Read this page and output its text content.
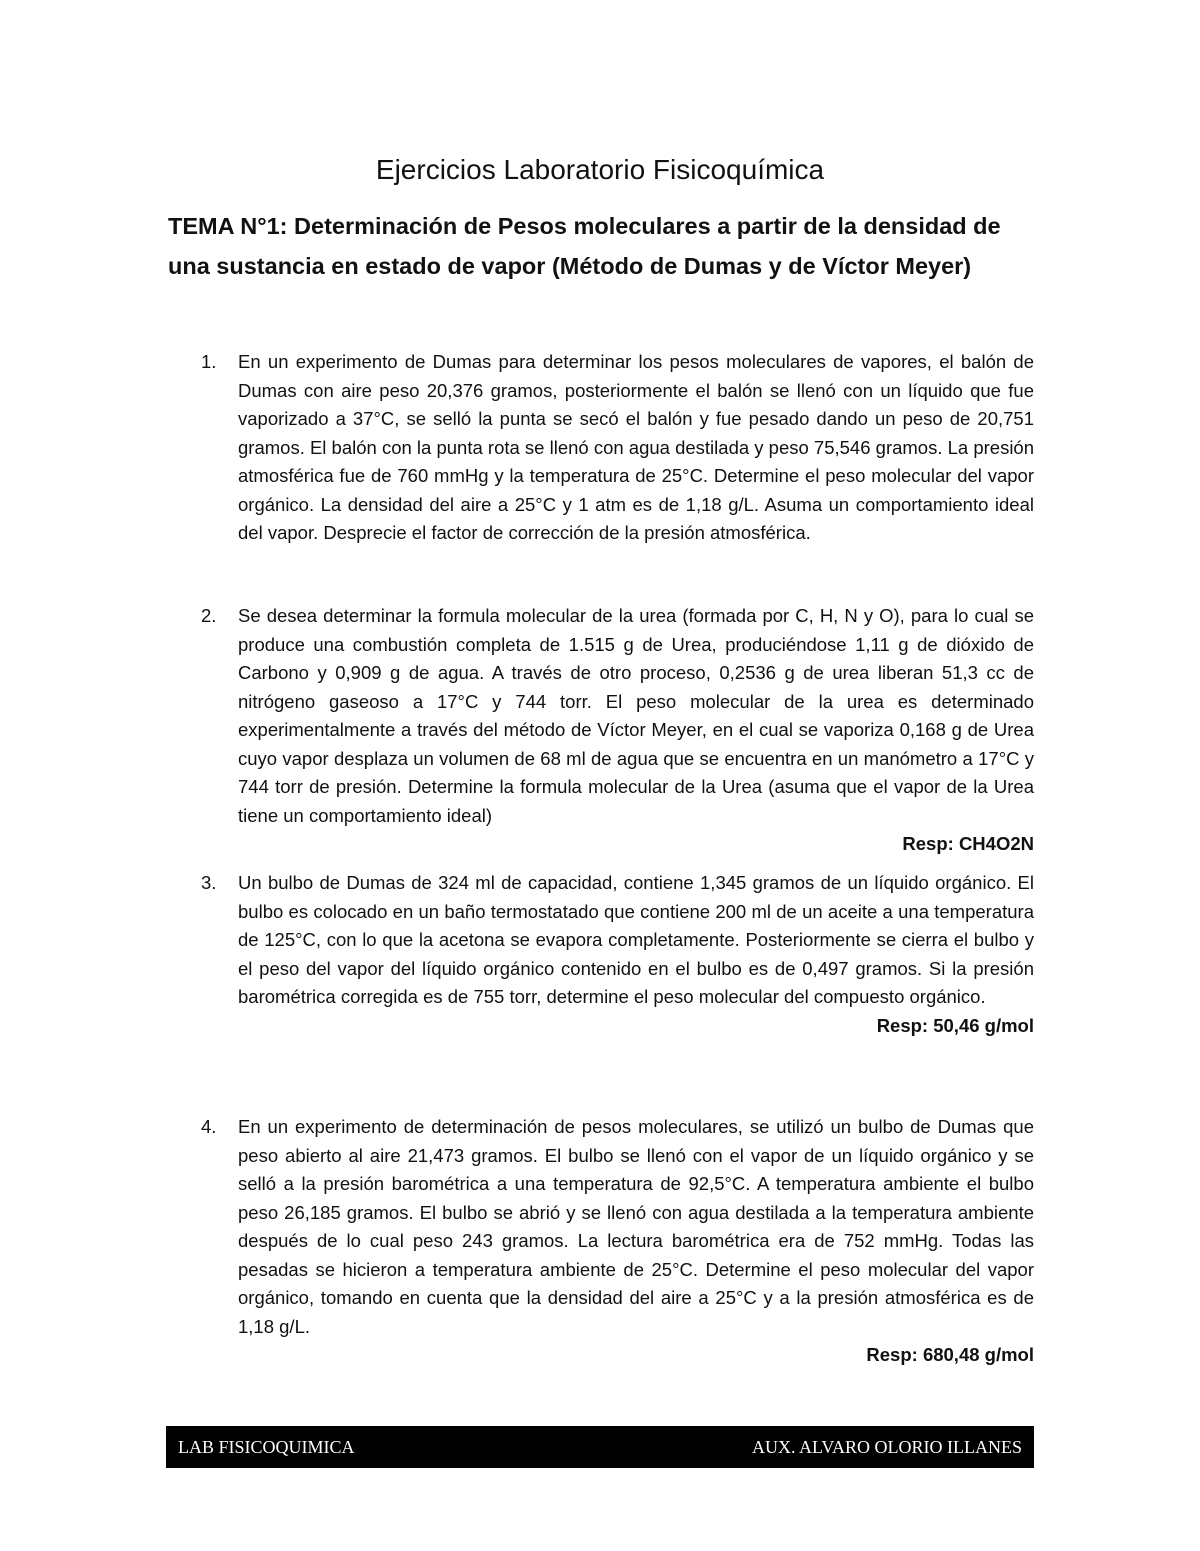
Ejercicios Laboratorio Fisicoquímica
TEMA N°1: Determinación de Pesos moleculares a partir de la densidad de una sustancia en estado de vapor (Método de Dumas y de Víctor Meyer)
1. En un experimento de Dumas para determinar los pesos moleculares de vapores, el balón de Dumas con aire peso 20,376 gramos, posteriormente el balón se llenó con un líquido que fue vaporizado a 37°C, se selló la punta se secó el balón y fue pesado dando un peso de 20,751 gramos. El balón con la punta rota se llenó con agua destilada y peso 75,546 gramos. La presión atmosférica fue de 760 mmHg y la temperatura de 25°C. Determine el peso molecular del vapor orgánico. La densidad del aire a 25°C y 1 atm es de 1,18 g/L. Asuma un comportamiento ideal del vapor. Desprecie el factor de corrección de la presión atmosférica.

2. Se desea determinar la formula molecular de la urea (formada por C, H, N y O), para lo cual se produce una combustión completa de 1.515 g de Urea, produciéndose 1,11 g de dióxido de Carbono y 0,909 g de agua. A través de otro proceso, 0,2536 g de urea liberan 51,3 cc de nitrógeno gaseoso a 17°C y 744 torr. El peso molecular de la urea es determinado experimentalmente a través del método de Víctor Meyer, en el cual se vaporiza 0,168 g de Urea cuyo vapor desplaza un volumen de 68 ml de agua que se encuentra en un manómetro a 17°C y 744 torr de presión. Determine la formula molecular de la Urea (asuma que el vapor de la Urea tiene un comportamiento ideal)

Resp: CH4O2N

3. Un bulbo de Dumas de 324 ml de capacidad, contiene 1,345 gramos de un líquido orgánico. El bulbo es colocado en un baño termostatado que contiene 200 ml de un aceite a una temperatura de 125°C, con lo que la acetona se evapora completamente. Posteriormente se cierra el bulbo y el peso del vapor del líquido orgánico contenido en el bulbo es de 0,497 gramos. Si la presión barométrica corregida es de 755 torr, determine el peso molecular del compuesto orgánico.

Resp: 50,46 g/mol

4. En un experimento de determinación de pesos moleculares, se utilizó un bulbo de Dumas que peso abierto al aire 21,473 gramos. El bulbo se llenó con el vapor de un líquido orgánico y se selló a la presión barométrica a una temperatura de 92,5°C. A temperatura ambiente el bulbo peso 26,185 gramos. El bulbo se abrió y se llenó con agua destilada a la temperatura ambiente después de lo cual peso 243 gramos. La lectura barométrica era de 752 mmHg. Todas las pesadas se hicieron a temperatura ambiente de 25°C. Determine el peso molecular del vapor orgánico, tomando en cuenta que la densidad del aire a 25°C y a la presión atmosférica es de 1,18 g/L.

Resp: 680,48 g/mol

LAB FISICOQUIMICA	AUX. ALVARO OLORIO ILLANES
